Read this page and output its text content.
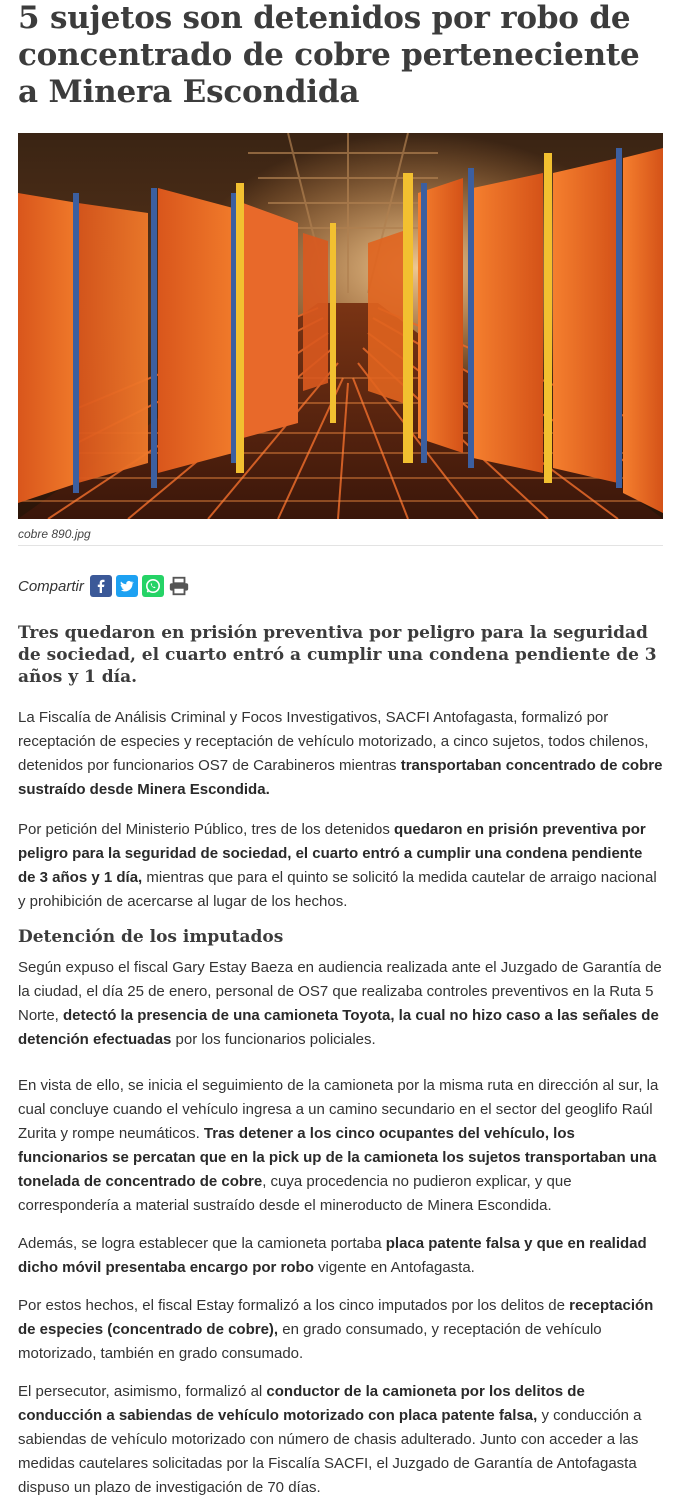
5 sujetos son detenidos por robo de concentrado de cobre perteneciente a Minera Escondida
cobre 890.jpg
Compartir
Tres quedaron en prisión preventiva por peligro para la seguridad de sociedad, el cuarto entró a cumplir una condena pendiente de 3 años y 1 día.

La Fiscalía de Análisis Criminal y Focos Investigativos, SACFI Antofagasta, formalizó por receptación de especies y receptación de vehículo motorizado, a cinco sujetos, todos chilenos, detenidos por funcionarios OS7 de Carabineros mientras transportaban concentrado de cobre sustraído desde Minera Escondida.

Por petición del Ministerio Público, tres de los detenidos quedaron en prisión preventiva por peligro para la seguridad de sociedad, el cuarto entró a cumplir una condena pendiente de 3 años y 1 día, mientras que para el quinto se solicitó la medida cautelar de arraigo nacional y prohibición de acercarse al lugar de los hechos.

Detención de los imputados

Según expuso el fiscal Gary Estay Baeza en audiencia realizada ante el Juzgado de Garantía de la ciudad, el día 25 de enero, personal de OS7 que realizaba controles preventivos en la Ruta 5 Norte, detectó la presencia de una camioneta Toyota, la cual no hizo caso a las señales de detención efectuadas por los funcionarios policiales.

En vista de ello, se inicia el seguimiento de la camioneta por la misma ruta en dirección al sur, la cual concluye cuando el vehículo ingresa a un camino secundario en el sector del geoglifo Raúl Zurita y rompe neumáticos. Tras detener a los cinco ocupantes del vehículo, los funcionarios se percatan que en la pick up de la camioneta los sujetos transportaban una tonelada de concentrado de cobre, cuya procedencia no pudieron explicar, y que correspondería a material sustraído desde el mineroducto de Minera Escondida.

Además, se logra establecer que la camioneta portaba placa patente falsa y que en realidad dicho móvil presentaba encargo por robo vigente en Antofagasta.

Por estos hechos, el fiscal Estay formalizó a los cinco imputados por los delitos de receptación de especies (concentrado de cobre), en grado consumado, y receptación de vehículo motorizado, también en grado consumado.

El persecutor, asimismo, formalizó al conductor de la camioneta por los delitos de conducción a sabiendas de vehículo motorizado con placa patente falsa, y conducción a sabiendas de vehículo motorizado con número de chasis adulterado. Junto con acceder a las medidas cautelares solicitadas por la Fiscalía SACFI, el Juzgado de Garantía de Antofagasta dispuso un plazo de investigación de 70 días.
